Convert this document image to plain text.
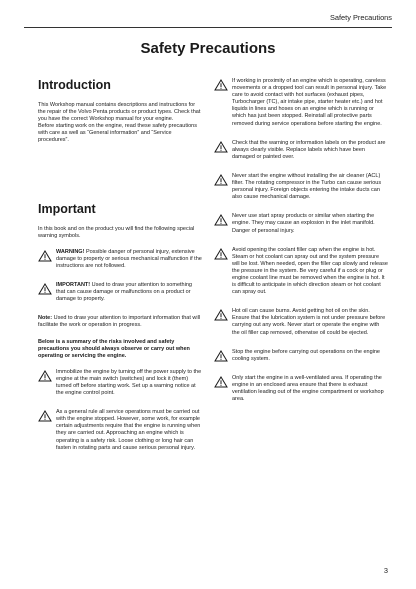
Safety Precautions
Safety Precautions
Introduction

This Workshop manual contains descriptions and instructions for the repair of the Volvo Penta products or product types. Check that you have the correct Workshop manual for your engine.

Before starting work on the engine, read these safety precautions with care as well as “General information” and “Service procedures”.

Important

In this book and on the product you will find the following special warning symbols.

WARNING! Possible danger of personal injury, extensive damage to property or serious mechanical malfunction if the instructions are not followed.

IMPORTANT! Used to draw your attention to something that can cause damage or malfunctions on a product or damage to property.

Note: Used to draw your attention to important information that will facilitate the work or operation in progress.

Below is a summary of the risks involved and safety precautions you should always observe or carry out when operating or servicing the engine.

Immobilize the engine by turning off the power supply to the engine at the main switch (switches) and lock it (them) turned off before starting work. Set up a warning notice at the engine control point.

As a general rule all service operations must be carried out with the engine stopped. However, some work, for example certain adjustments require that the engine is running when they are carried out. Approaching an engine which is operating is a safety risk. Loose clothing or long hair can fasten in rotating parts and cause serious personal injury.

If working in proximity of an engine which is operating, careless movements or a dropped tool can result in personal injury. Take care to avoid contact with hot surfaces (exhaust pipes, Turbocharger (TC), air intake pipe, starter heater etc.) and hot liquids in lines and hoses on an engine which is running or which has just been stopped. Reinstall all protective parts removed during service operations before starting the engine.

Check that the warning or information labels on the product are always clearly visible. Replace labels which have been damaged or painted over.

Never start the engine without installing the air cleaner (ACL) filter. The rotating compressor in the Turbo can cause serious personal injury. Foreign objects entering the intake ducts can also cause mechanical damage.

Never use start spray products or similar when starting the engine. They may cause an explosion in the inlet manifold. Danger of personal injury.

Avoid opening the coolant filler cap when the engine is hot. Steam or hot coolant can spray out and the system pressure will be lost. When needed, open the filler cap slowly and release the pressure in the system. Be very careful if a cock or plug or engine coolant line must be removed when the engine is hot. It is difficult to anticipate in which direction steam or hot coolant can spray out.

Hot oil can cause burns. Avoid getting hot oil on the skin. Ensure that the lubrication system is not under pressure before carrying out any work. Never start or operate the engine with the oil filler cap removed, otherwise oil could be ejected.

Stop the engine before carrying out operations on the engine cooling system.

Only start the engine in a well-ventilated area. If operating the engine in an enclosed area ensure that there is exhaust ventilation leading out of the engine compartment or workshop area.

3
